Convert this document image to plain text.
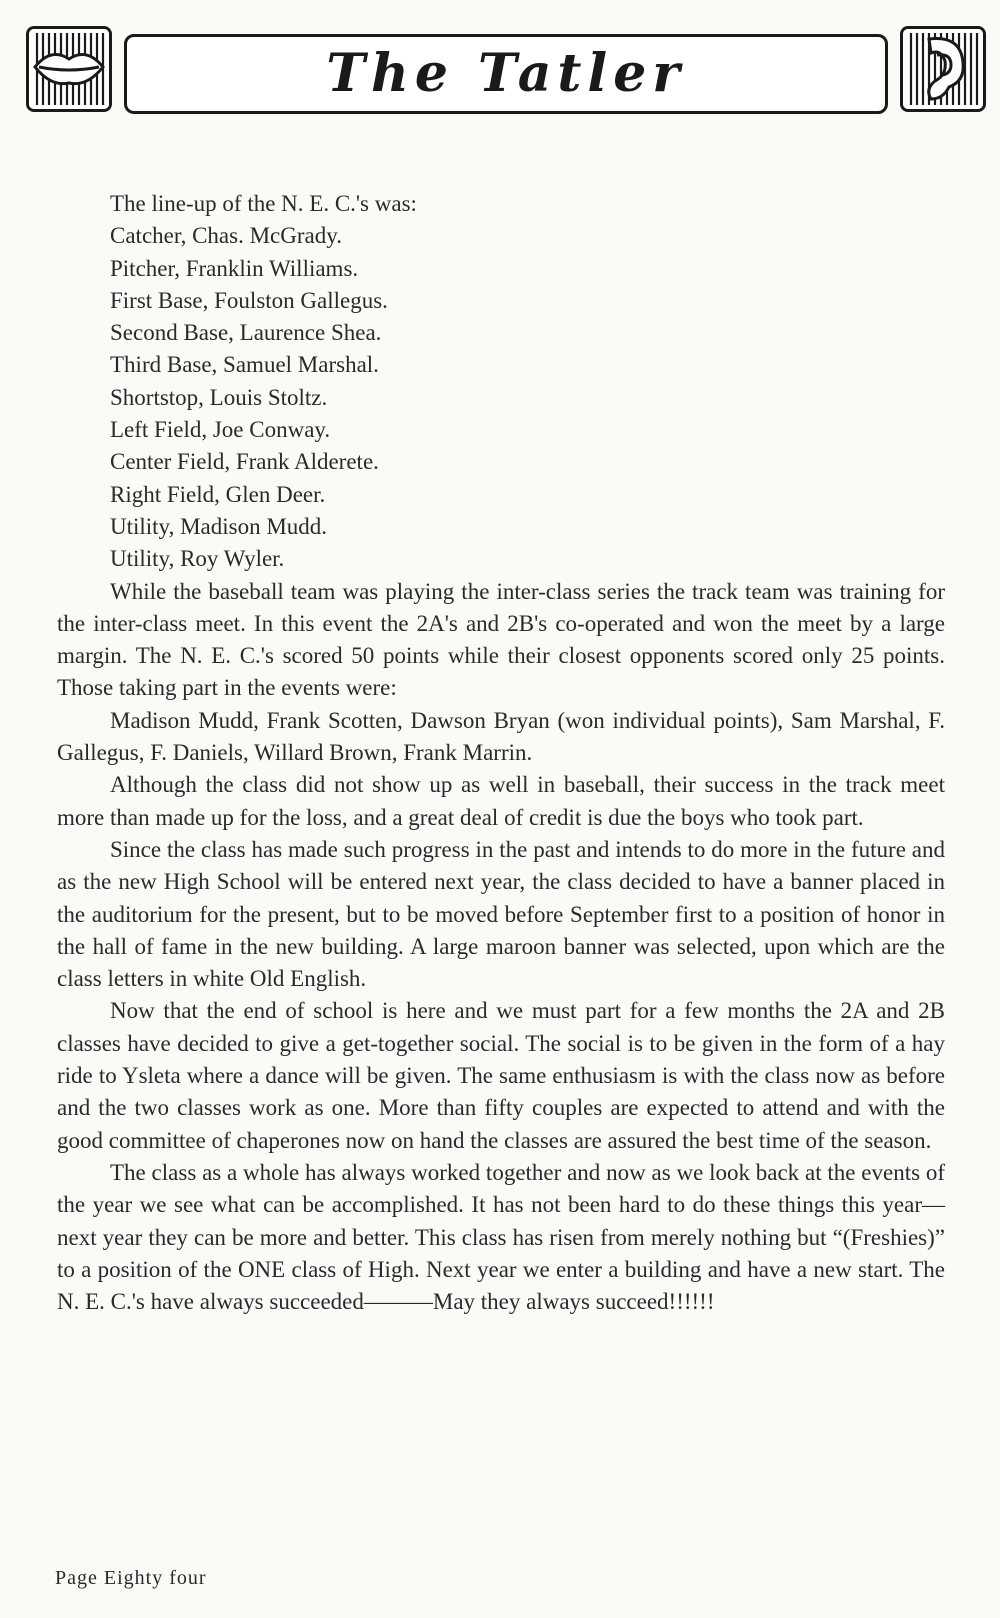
The Tatler

The line-up of the N. E. C.'s was:

Catcher, Chas. McGrady.
Pitcher, Franklin Williams.
First Base, Foulston Gallegus.
Second Base, Laurence Shea.
Third Base, Samuel Marshal.
Shortstop, Louis Stoltz.
Left Field, Joe Conway.
Center Field, Frank Alderete.
Right Field, Glen Deer.
Utility, Madison Mudd.
Utility, Roy Wyler.

While the baseball team was playing the inter-class series the track team was training for the inter-class meet. In this event the 2A's and 2B's co-operated and won the meet by a large margin. The N. E. C.'s scored 50 points while their closest opponents scored only 25 points. Those taking part in the events were:

Madison Mudd, Frank Scotten, Dawson Bryan (won individual points), Sam Marshal, F. Gallegus, F. Daniels, Willard Brown, Frank Marrin.

Although the class did not show up as well in baseball, their success in the track meet more than made up for the loss, and a great deal of credit is due the boys who took part.

Since the class has made such progress in the past and intends to do more in the future and as the new High School will be entered next year, the class decided to have a banner placed in the auditorium for the present, but to be moved before September first to a position of honor in the hall of fame in the new building. A large maroon banner was selected, upon which are the class letters in white Old English.

Now that the end of school is here and we must part for a few months the 2A and 2B classes have decided to give a get-together social. The social is to be given in the form of a hay ride to Ysleta where a dance will be given. The same enthusiasm is with the class now as before and the two classes work as one. More than fifty couples are expected to attend and with the good committee of chaperones now on hand the classes are assured the best time of the season.

The class as a whole has always worked together and now as we look back at the events of the year we see what can be accomplished. It has not been hard to do these things this year—next year they can be more and better. This class has risen from merely nothing but “(Freshies)” to a position of the ONE class of High. Next year we enter a building and have a new start. The N. E. C.'s have always succeeded———May they always succeed!!!!!!

Page Eighty four
